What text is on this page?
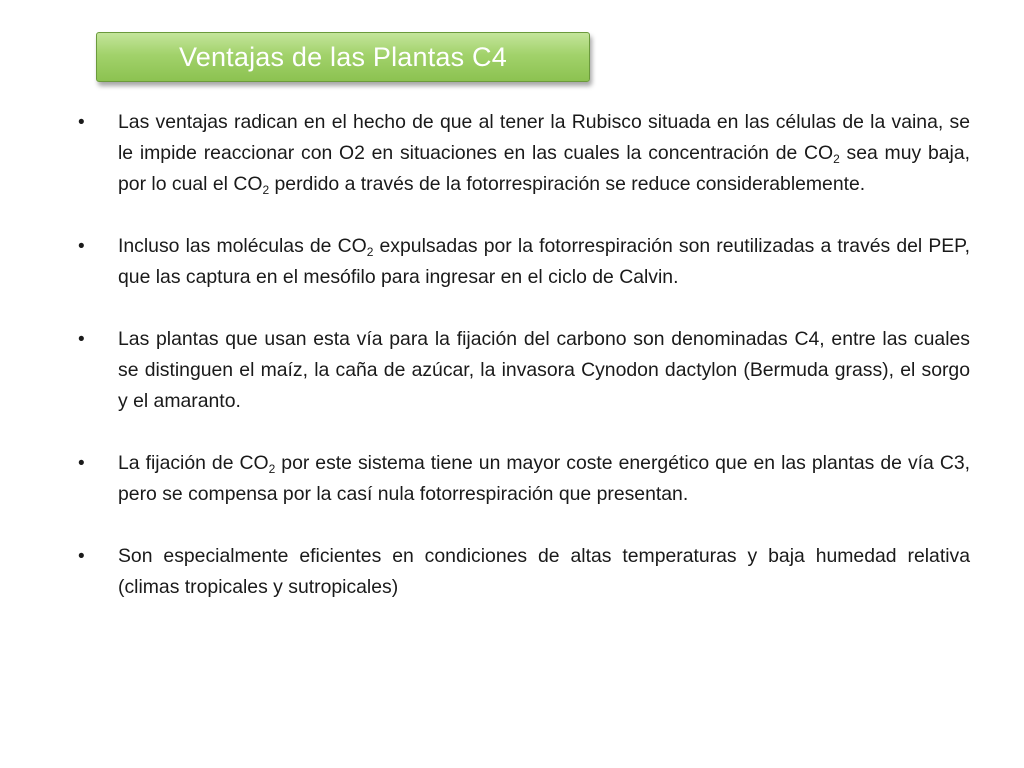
Ventajas de las Plantas C4
•	Las ventajas radican en el hecho de que al tener la Rubisco situada en las células de la vaina, se le impide reaccionar con O2 en situaciones en las cuales la concentración de $CO_2$ sea muy baja, por lo cual el $CO_2$ perdido a través de la fotorrespiración se reduce considerablemente.
•	Incluso las moléculas de $CO_2$ expulsadas por la fotorrespiración son reutilizadas a través del PEP, que las captura en el mesófilo para ingresar en el ciclo de Calvin.
•	Las plantas que usan esta vía para la fijación del carbono son denominadas C4, entre las cuales se distinguen el maíz, la caña de azúcar, la invasora Cynodon dactylon (Bermuda grass), el sorgo y el amaranto.
•	La fijación de $CO_2$ por este sistema tiene un mayor coste energético que en las plantas de vía C3, pero se compensa por la casí nula fotorrespiración que presentan.
•	Son especialmente eficientes en condiciones de altas temperaturas y baja humedad relativa (climas tropicales y sutropicales)
